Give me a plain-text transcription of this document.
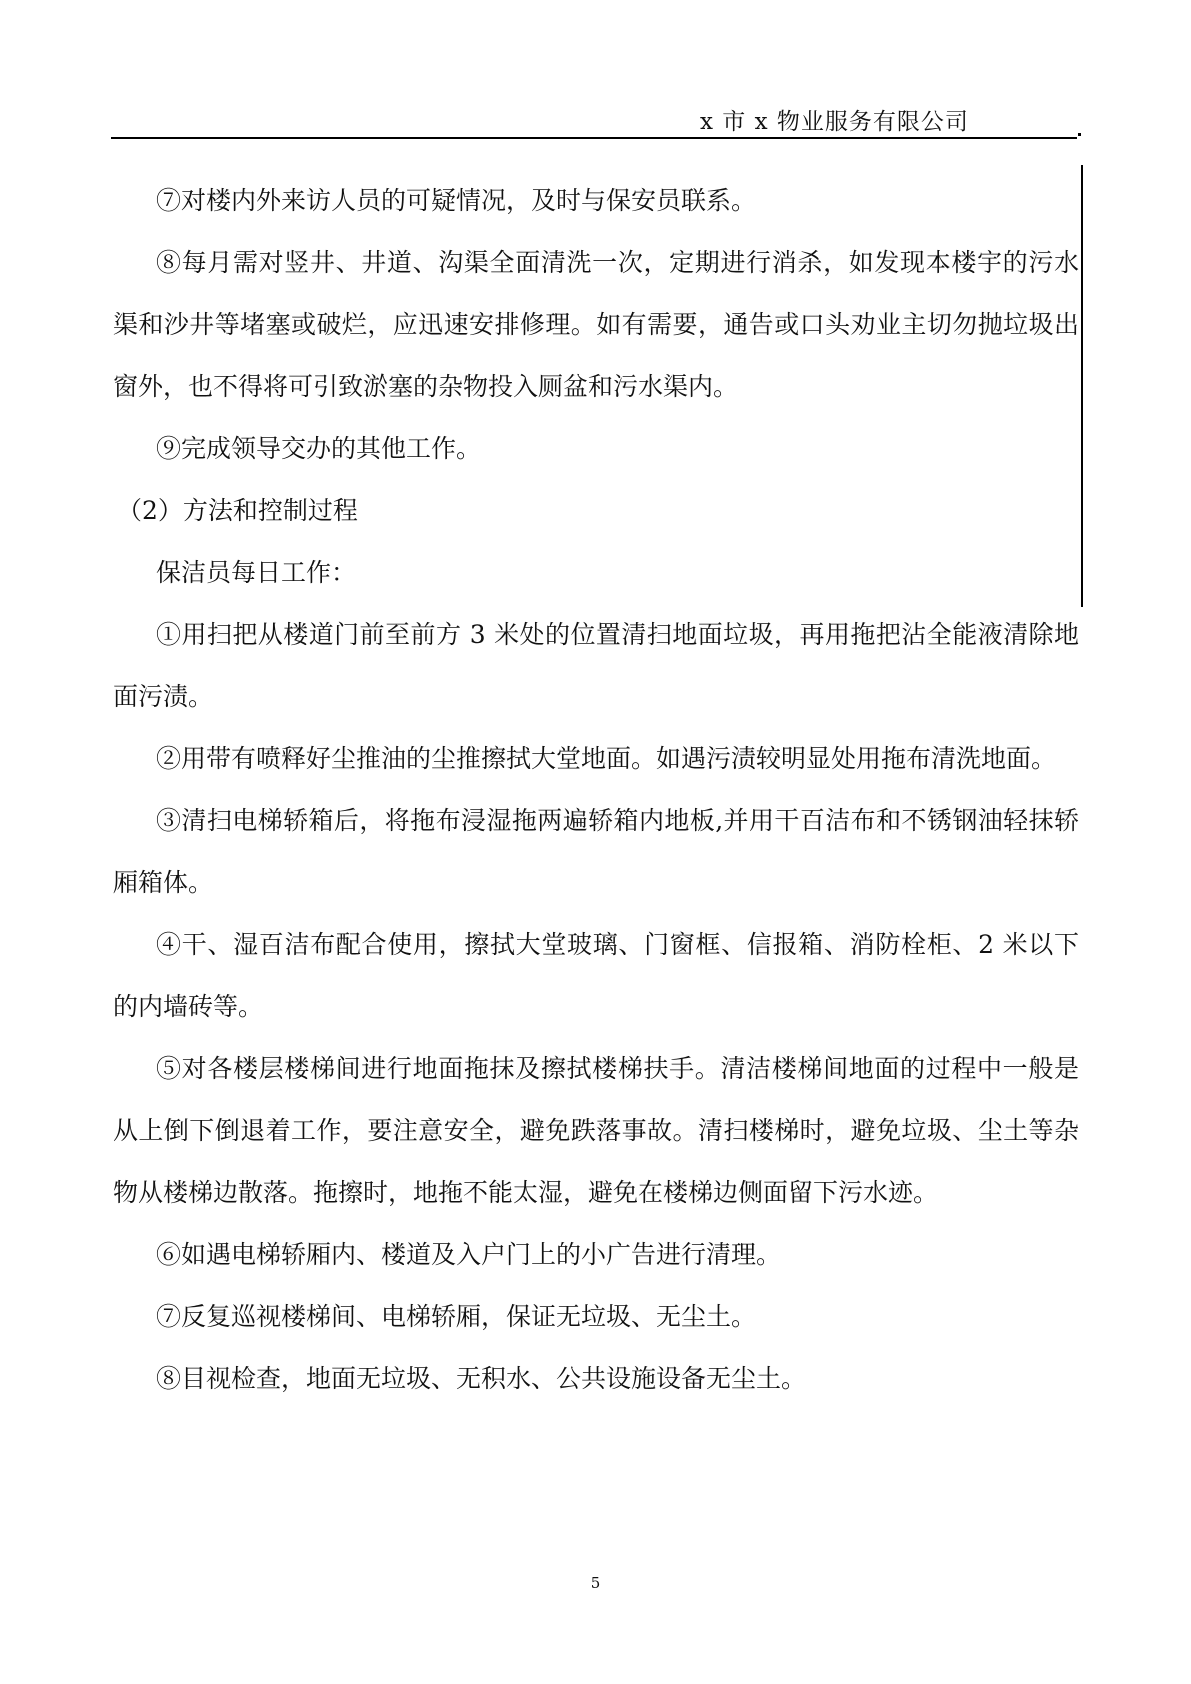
x 市 x 物业服务有限公司

⑦对楼内外来访人员的可疑情况，及时与保安员联系。

⑧每月需对竖井、井道、沟渠全面清洗一次，定期进行消杀，如发现本楼宇的污水渠和沙井等堵塞或破烂，应迅速安排修理。如有需要，通告或口头劝业主切勿抛垃圾出窗外，也不得将可引致淤塞的杂物投入厕盆和污水渠内。

⑨完成领导交办的其他工作。

（2）方法和控制过程

保洁员每日工作：

①用扫把从楼道门前至前方 3 米处的位置清扫地面垃圾，再用拖把沾全能液清除地面污渍。

②用带有喷释好尘推油的尘推擦拭大堂地面。如遇污渍较明显处用拖布清洗地面。

③清扫电梯轿箱后，将拖布浸湿拖两遍轿箱内地板,并用干百洁布和不锈钢油轻抹轿厢箱体。

④干、湿百洁布配合使用，擦拭大堂玻璃、门窗框、信报箱、消防栓柜、2 米以下的内墙砖等。

⑤对各楼层楼梯间进行地面拖抹及擦拭楼梯扶手。清洁楼梯间地面的过程中一般是从上倒下倒退着工作，要注意安全，避免跌落事故。清扫楼梯时，避免垃圾、尘土等杂物从楼梯边散落。拖擦时，地拖不能太湿，避免在楼梯边侧面留下污水迹。

⑥如遇电梯轿厢内、楼道及入户门上的小广告进行清理。

⑦反复巡视楼梯间、电梯轿厢，保证无垃圾、无尘土。

⑧目视检查，地面无垃圾、无积水、公共设施设备无尘土。

5
